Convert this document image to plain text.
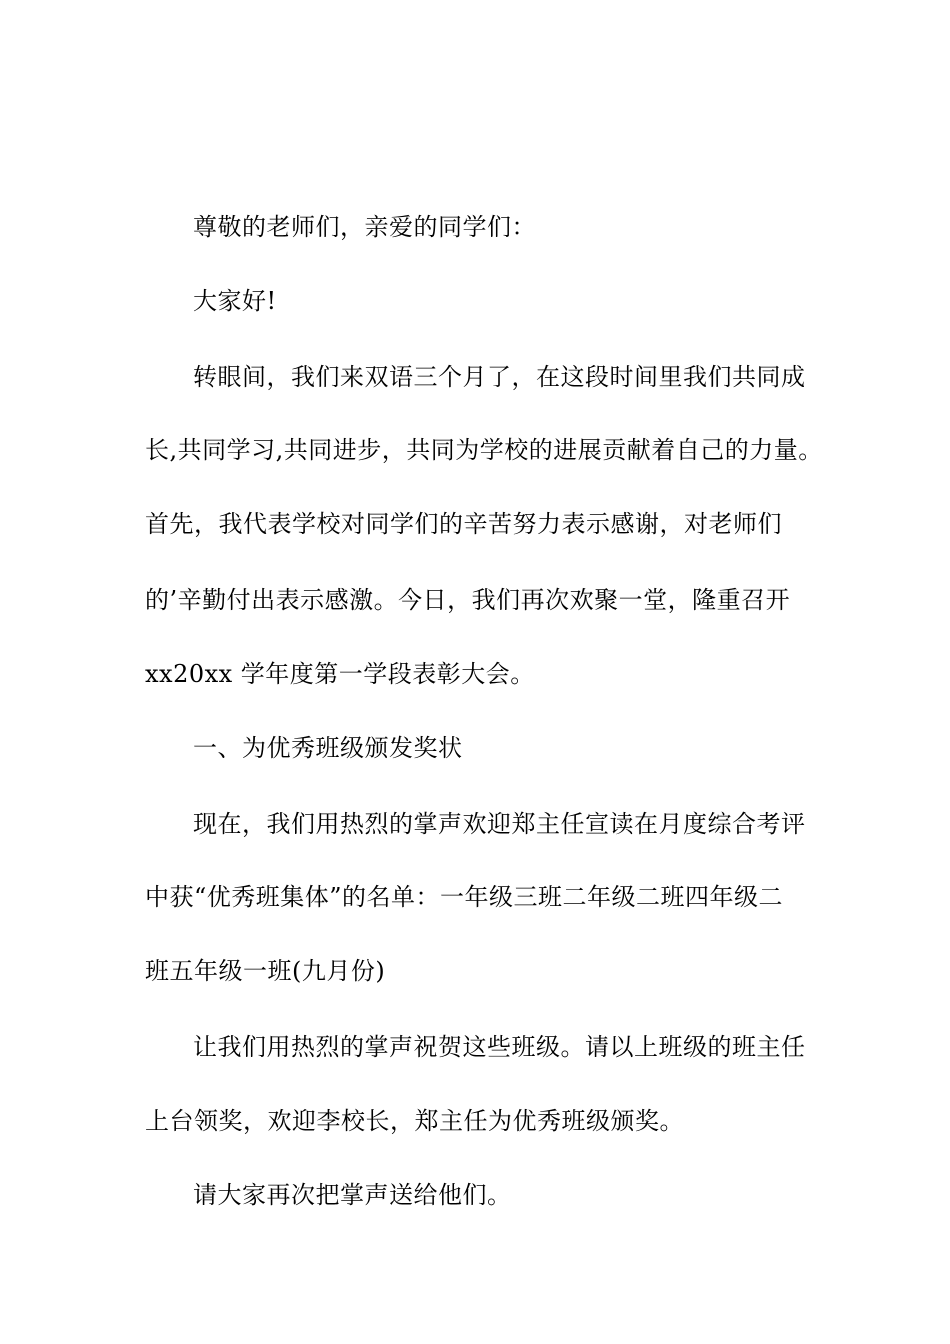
尊敬的老师们，亲爱的同学们：
大家好!
转眼间，我们来双语三个月了，在这段时间里我们共同成
长,共同学习,共同进步，共同为学校的进展贡献着自己的力量。
首先，我代表学校对同学们的辛苦努力表示感谢，对老师们
的’辛勤付出表示感激。今日，我们再次欢聚一堂，隆重召开
xx20xx 学年度第一学段表彰大会。
一、为优秀班级颁发奖状
现在，我们用热烈的掌声欢迎郑主任宣读在月度综合考评
中获“优秀班集体”的名单：一年级三班二年级二班四年级二
班五年级一班(九月份)
让我们用热烈的掌声祝贺这些班级。请以上班级的班主任
上台领奖，欢迎李校长，郑主任为优秀班级颁奖。
请大家再次把掌声送给他们。
